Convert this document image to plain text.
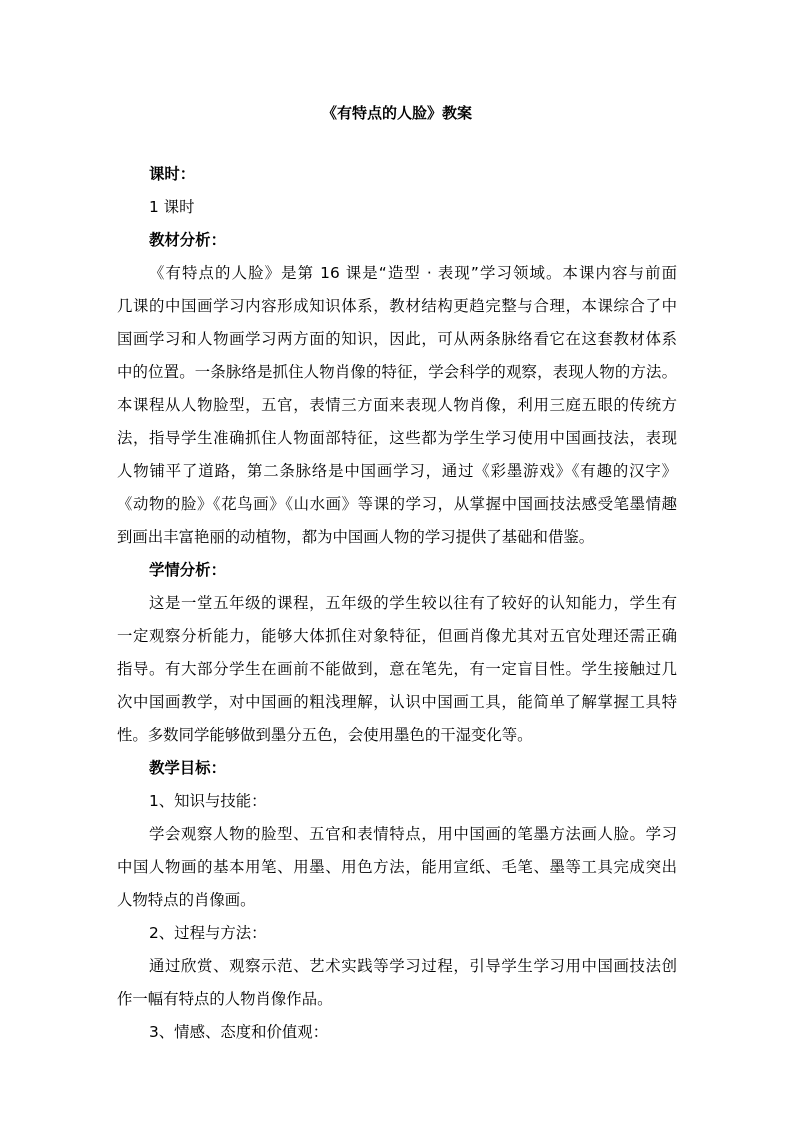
《有特点的人脸》教案
课时：
1 课时
教材分析：
《有特点的人脸》是第 16 课是“造型 · 表现”学习领域。本课内容与前面
几课的中国画学习内容形成知识体系，教材结构更趋完整与合理，本课综合了中
国画学习和人物画学习两方面的知识，因此，可从两条脉络看它在这套教材体系
中的位置。一条脉络是抓住人物肖像的特征，学会科学的观察，表现人物的方法。
本课程从人物脸型，五官，表情三方面来表现人物肖像，利用三庭五眼的传统方
法，指导学生准确抓住人物面部特征，这些都为学生学习使用中国画技法，表现
人物铺平了道路，第二条脉络是中国画学习，通过《彩墨游戏》《有趣的汉字》
《动物的脸》《花鸟画》《山水画》等课的学习，从掌握中国画技法感受笔墨情趣
到画出丰富艳丽的动植物，都为中国画人物的学习提供了基础和借鉴。
学情分析：
这是一堂五年级的课程，五年级的学生较以往有了较好的认知能力，学生有
一定观察分析能力，能够大体抓住对象特征，但画肖像尤其对五官处理还需正确
指导。有大部分学生在画前不能做到，意在笔先，有一定盲目性。学生接触过几
次中国画教学，对中国画的粗浅理解，认识中国画工具，能简单了解掌握工具特
性。多数同学能够做到墨分五色，会使用墨色的干湿变化等。
教学目标：
1、知识与技能：
学会观察人物的脸型、五官和表情特点，用中国画的笔墨方法画人脸。学习
中国人物画的基本用笔、用墨、用色方法，能用宣纸、毛笔、墨等工具完成突出
人物特点的肖像画。
2、过程与方法：
通过欣赏、观察示范、艺术实践等学习过程，引导学生学习用中国画技法创
作一幅有特点的人物肖像作品。
3、情感、态度和价值观：
